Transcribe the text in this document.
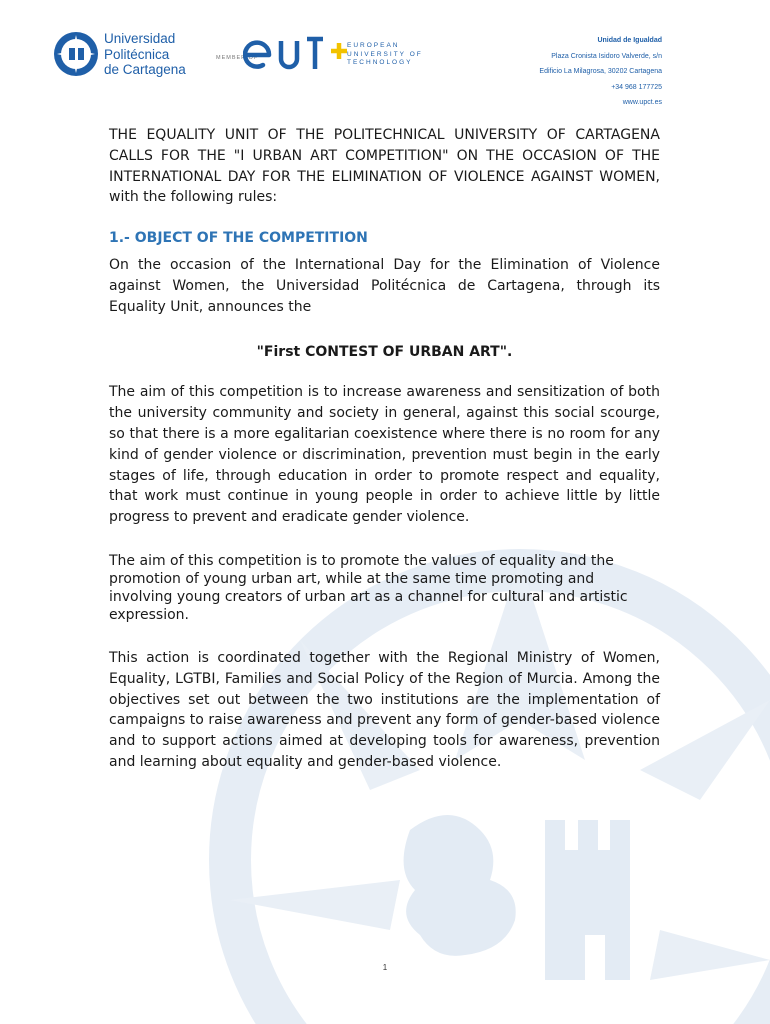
Universidad
Politécnica
de Cartagena
MEMBER OF
EUROPEAN
UNIVERSITY OF
TECHNOLOGY
Unidad de Igualdad
Plaza Cronista Isidoro Valverde, s/n
Edificio La Milagrosa, 30202 Cartagena
+34 968 177725
www.upct.es

THE EQUALITY UNIT OF THE POLITECHNICAL UNIVERSITY OF CARTAGENA CALLS FOR THE "I URBAN ART COMPETITION" ON THE OCCASION OF THE INTERNATIONAL DAY FOR THE ELIMINATION OF VIOLENCE AGAINST WOMEN, with the following rules:

1.- OBJECT OF THE COMPETITION

On the occasion of the International Day for the Elimination of Violence against Women, the Universidad Politécnica de Cartagena, through its Equality Unit, announces the

"First CONTEST OF URBAN ART".

The aim of this competition is to increase awareness and sensitization of both the university community and society in general, against this social scourge, so that there is a more egalitarian coexistence where there is no room for any kind of gender violence or discrimination, prevention must begin in the early stages of life, through education in order to promote respect and equality, that work must continue in young people in order to achieve little by little progress to prevent and eradicate gender violence.

The aim of this competition is to promote the values of equality and the promotion of young urban art, while at the same time promoting and involving young creators of urban art as a channel for cultural and artistic expression.

This action is coordinated together with the Regional Ministry of Women, Equality, LGTBI, Families and Social Policy of the Region of Murcia. Among the objectives set out between the two institutions are the implementation of campaigns to raise awareness and prevent any form of gender-based violence and to support actions aimed at developing tools for awareness, prevention and learning about equality and gender-based violence.

1
